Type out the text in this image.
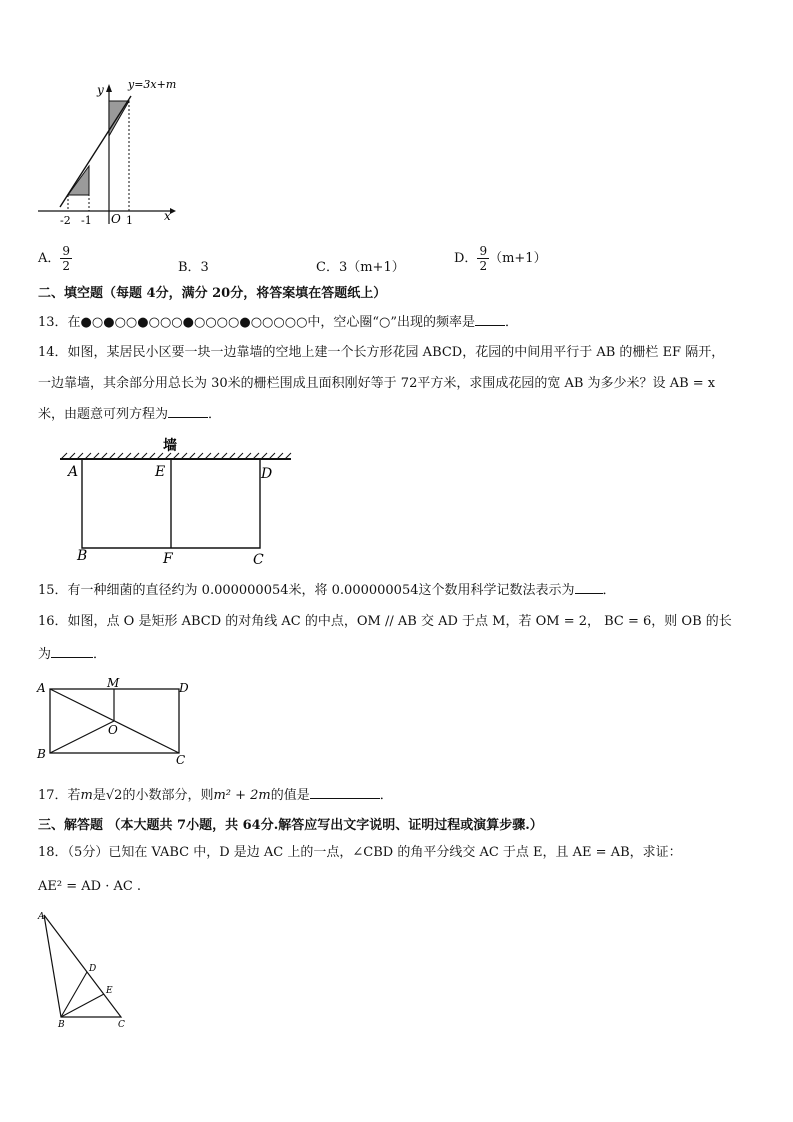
y=3x+m
y
x
O
-2 -1	1
A． $\frac{9}{2}$	B．3	C．3（m+1）
D． $\frac{9}{2} (m+1)$
二、填空题（每题 4分，满分 20分，将答案填在答题纸上）
13．在●○●○○●○○○●○○○○●○○○○○中，空心圈“○”出现的频率是 ．
14．如图，某居民小区要一块一边靠墙的空地上建一个长方形花园 ABCD，花园的中间用平行于 AB 的栅栏 EF 隔开，
一边靠墙，其余部分用总长为 30米的栅栏围成且面积刚好等于 72平方米，求围成花园的宽 AB 为多少米？设 AB = x
米，由题意可列方程为	．
墙
A	E	D
B	F	C
15．有一种细菌的直径约为 0.000000054米，将 0.000000054这个数用科学记数法表示为 ．
16．如图，点 O 是矩形 ABCD 的对角线 AC 的中点，OM // AB 交 AD 于点 M，若 OM = 2， BC = 6，则 OB 的长
为	．
A	M	D
O
B	C
17．若m是√2的小数部分，则m² + 2m的值是	．
三、解答题 （本大题共 7小题，共 64分.解答应写出文字说明、证明过程或演算步骤.）
18．（5分）已知在 VABC 中，D 是边 AC 上的一点，∠CBD 的角平分线交 AC 于点 E，且 AE = AB，求证：
AE² = AD · AC .
A
D
E
B	C
